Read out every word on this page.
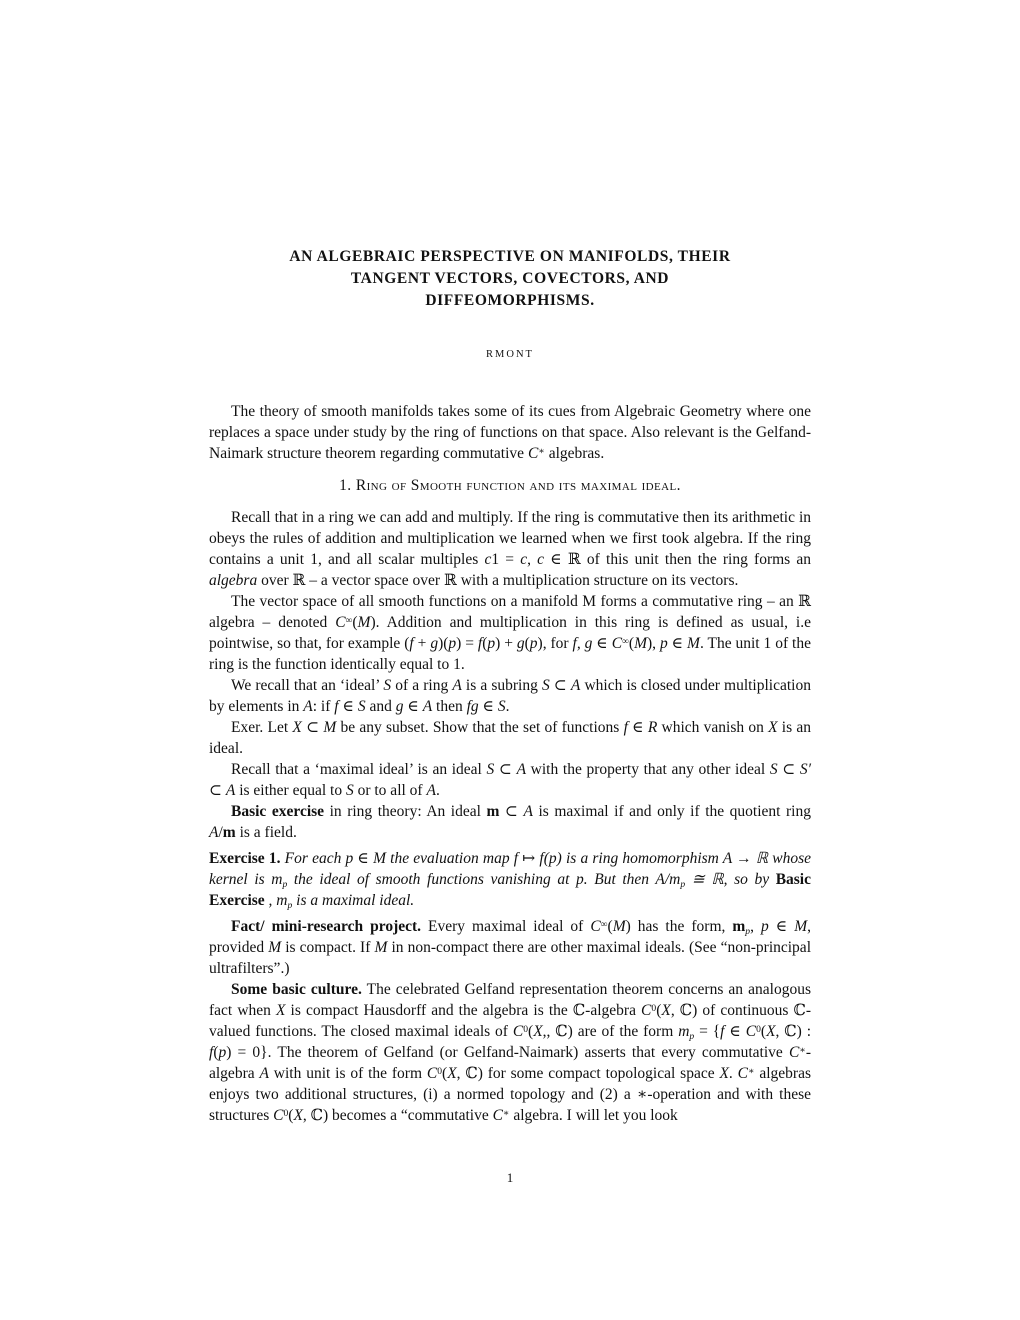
AN ALGEBRAIC PERSPECTIVE ON MANIFOLDS, THEIR
TANGENT VECTORS, COVECTORS, AND
DIFFEOMORPHISMS.
RMONT

The theory of smooth manifolds takes some of its cues from Algebraic Geometry where one replaces a space under study by the ring of functions on that space. Also relevant is the Gelfand-Naimark structure theorem regarding commutative C∗ algebras.

1. Ring of Smooth function and its maximal ideal.

Recall that in a ring we can add and multiply. If the ring is commutative then its arithmetic in obeys the rules of addition and multiplication we learned when we first took algebra. If the ring contains a unit 1, and all scalar multiples c1 = c, c ∈ ℝ of this unit then the ring forms an algebra over ℝ – a vector space over ℝ with a multiplication structure on its vectors.

The vector space of all smooth functions on a manifold M forms a commutative ring – an ℝ algebra – denoted C∞(M). Addition and multiplication in this ring is defined as usual, i.e pointwise, so that, for example (f + g)(p) = f(p) + g(p), for f, g ∈ C∞(M), p ∈ M. The unit 1 of the ring is the function identically equal to 1.

We recall that an ‘ideal’ S of a ring A is a subring S ⊂ A which is closed under multiplication by elements in A: if f ∈ S and g ∈ A then fg ∈ S.

Exer. Let X ⊂ M be any subset. Show that the set of functions f ∈ R which vanish on X is an ideal.

Recall that a ‘maximal ideal’ is an ideal S ⊂ A with the property that any other ideal S ⊂ S′ ⊂ A is either equal to S or to all of A.

Basic exercise in ring theory: An ideal m ⊂ A is maximal if and only if the quotient ring A/m is a field.

Exercise 1. For each p ∈ M the evaluation map f ↦ f(p) is a ring homomorphism A → ℝ whose kernel is mp the ideal of smooth functions vanishing at p. But then A/mp ≅ ℝ, so by Basic Exercise , mp is a maximal ideal.

Fact/ mini-research project. Every maximal ideal of C∞(M) has the form, mp, p ∈ M, provided M is compact. If M in non-compact there are other maximal ideals. (See “non-principal ultrafilters”.)

Some basic culture. The celebrated Gelfand representation theorem concerns an analogous fact when X is compact Hausdorff and the algebra is the ℂ-algebra $C^0(X$, ℂ) of continuous ℂ-valued functions. The closed maximal ideals of $C^0(X$,, ℂ) are of the form mp = {f ∈ $C^0(X$, ℂ) : f(p) = 0}. The theorem of Gelfand (or Gelfand-Naimark) asserts that every commutative C∗-algebra A with unit is of the form $C^0(X$, ℂ) for some compact topological space X. C∗ algebras enjoys two additional structures, (i) a normed topology and (2) a ∗-operation and with these structures $C^0(X$, ℂ) becomes a “commutative C∗ algebra. I will let you look

1
